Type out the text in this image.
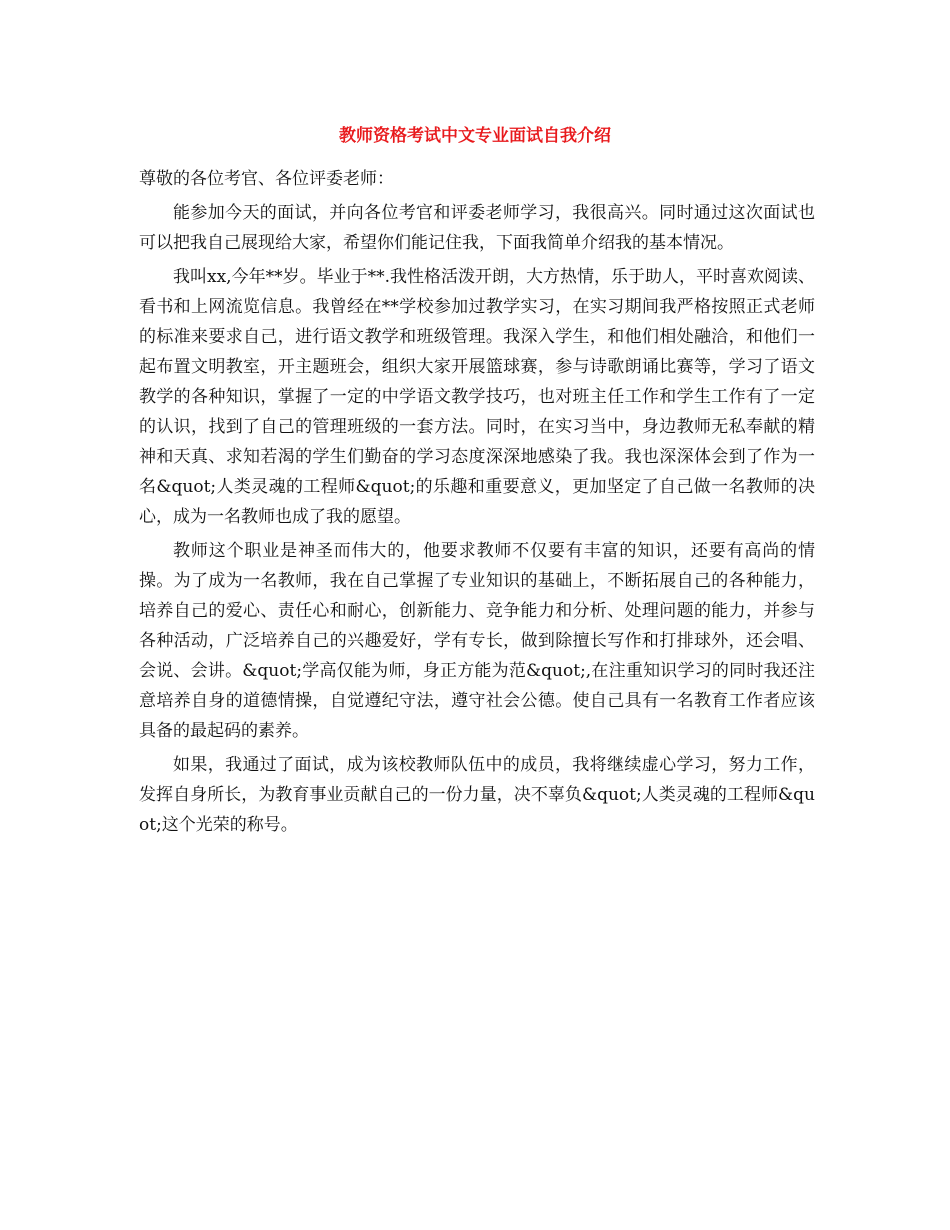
教师资格考试中文专业面试自我介绍

尊敬的各位考官、各位评委老师：

能参加今天的面试，并向各位考官和评委老师学习，我很高兴。同时通过这次面试也可以把我自己展现给大家，希望你们能记住我，下面我简单介绍我的基本情况。

我叫xx,今年**岁。毕业于**.我性格活泼开朗，大方热情，乐于助人，平时喜欢阅读、看书和上网流览信息。我曾经在**学校参加过教学实习，在实习期间我严格按照正式老师的标准来要求自己，进行语文教学和班级管理。我深入学生，和他们相处融洽，和他们一起布置文明教室，开主题班会，组织大家开展篮球赛，参与诗歌朗诵比赛等，学习了语文教学的各种知识，掌握了一定的中学语文教学技巧，也对班主任工作和学生工作有了一定的认识，找到了自己的管理班级的一套方法。同时，在实习当中，身边教师无私奉献的精神和天真、求知若渴的学生们勤奋的学习态度深深地感染了我。我也深深体会到了作为一名&quot;人类灵魂的工程师&quot;的乐趣和重要意义，更加坚定了自己做一名教师的决心，成为一名教师也成了我的愿望。

教师这个职业是神圣而伟大的，他要求教师不仅要有丰富的知识，还要有高尚的情操。为了成为一名教师，我在自己掌握了专业知识的基础上，不断拓展自己的各种能力，培养自己的爱心、责任心和耐心，创新能力、竞争能力和分析、处理问题的能力，并参与各种活动，广泛培养自己的兴趣爱好，学有专长，做到除擅长写作和打排球外，还会唱、会说、会讲。&quot;学高仅能为师，身正方能为范&quot;,在注重知识学习的同时我还注意培养自身的道德情操，自觉遵纪守法，遵守社会公德。使自己具有一名教育工作者应该具备的最起码的素养。

如果，我通过了面试，成为该校教师队伍中的成员，我将继续虚心学习，努力工作，发挥自身所长，为教育事业贡献自己的一份力量，决不辜负&quot;人类灵魂的工程师&quot;这个光荣的称号。
